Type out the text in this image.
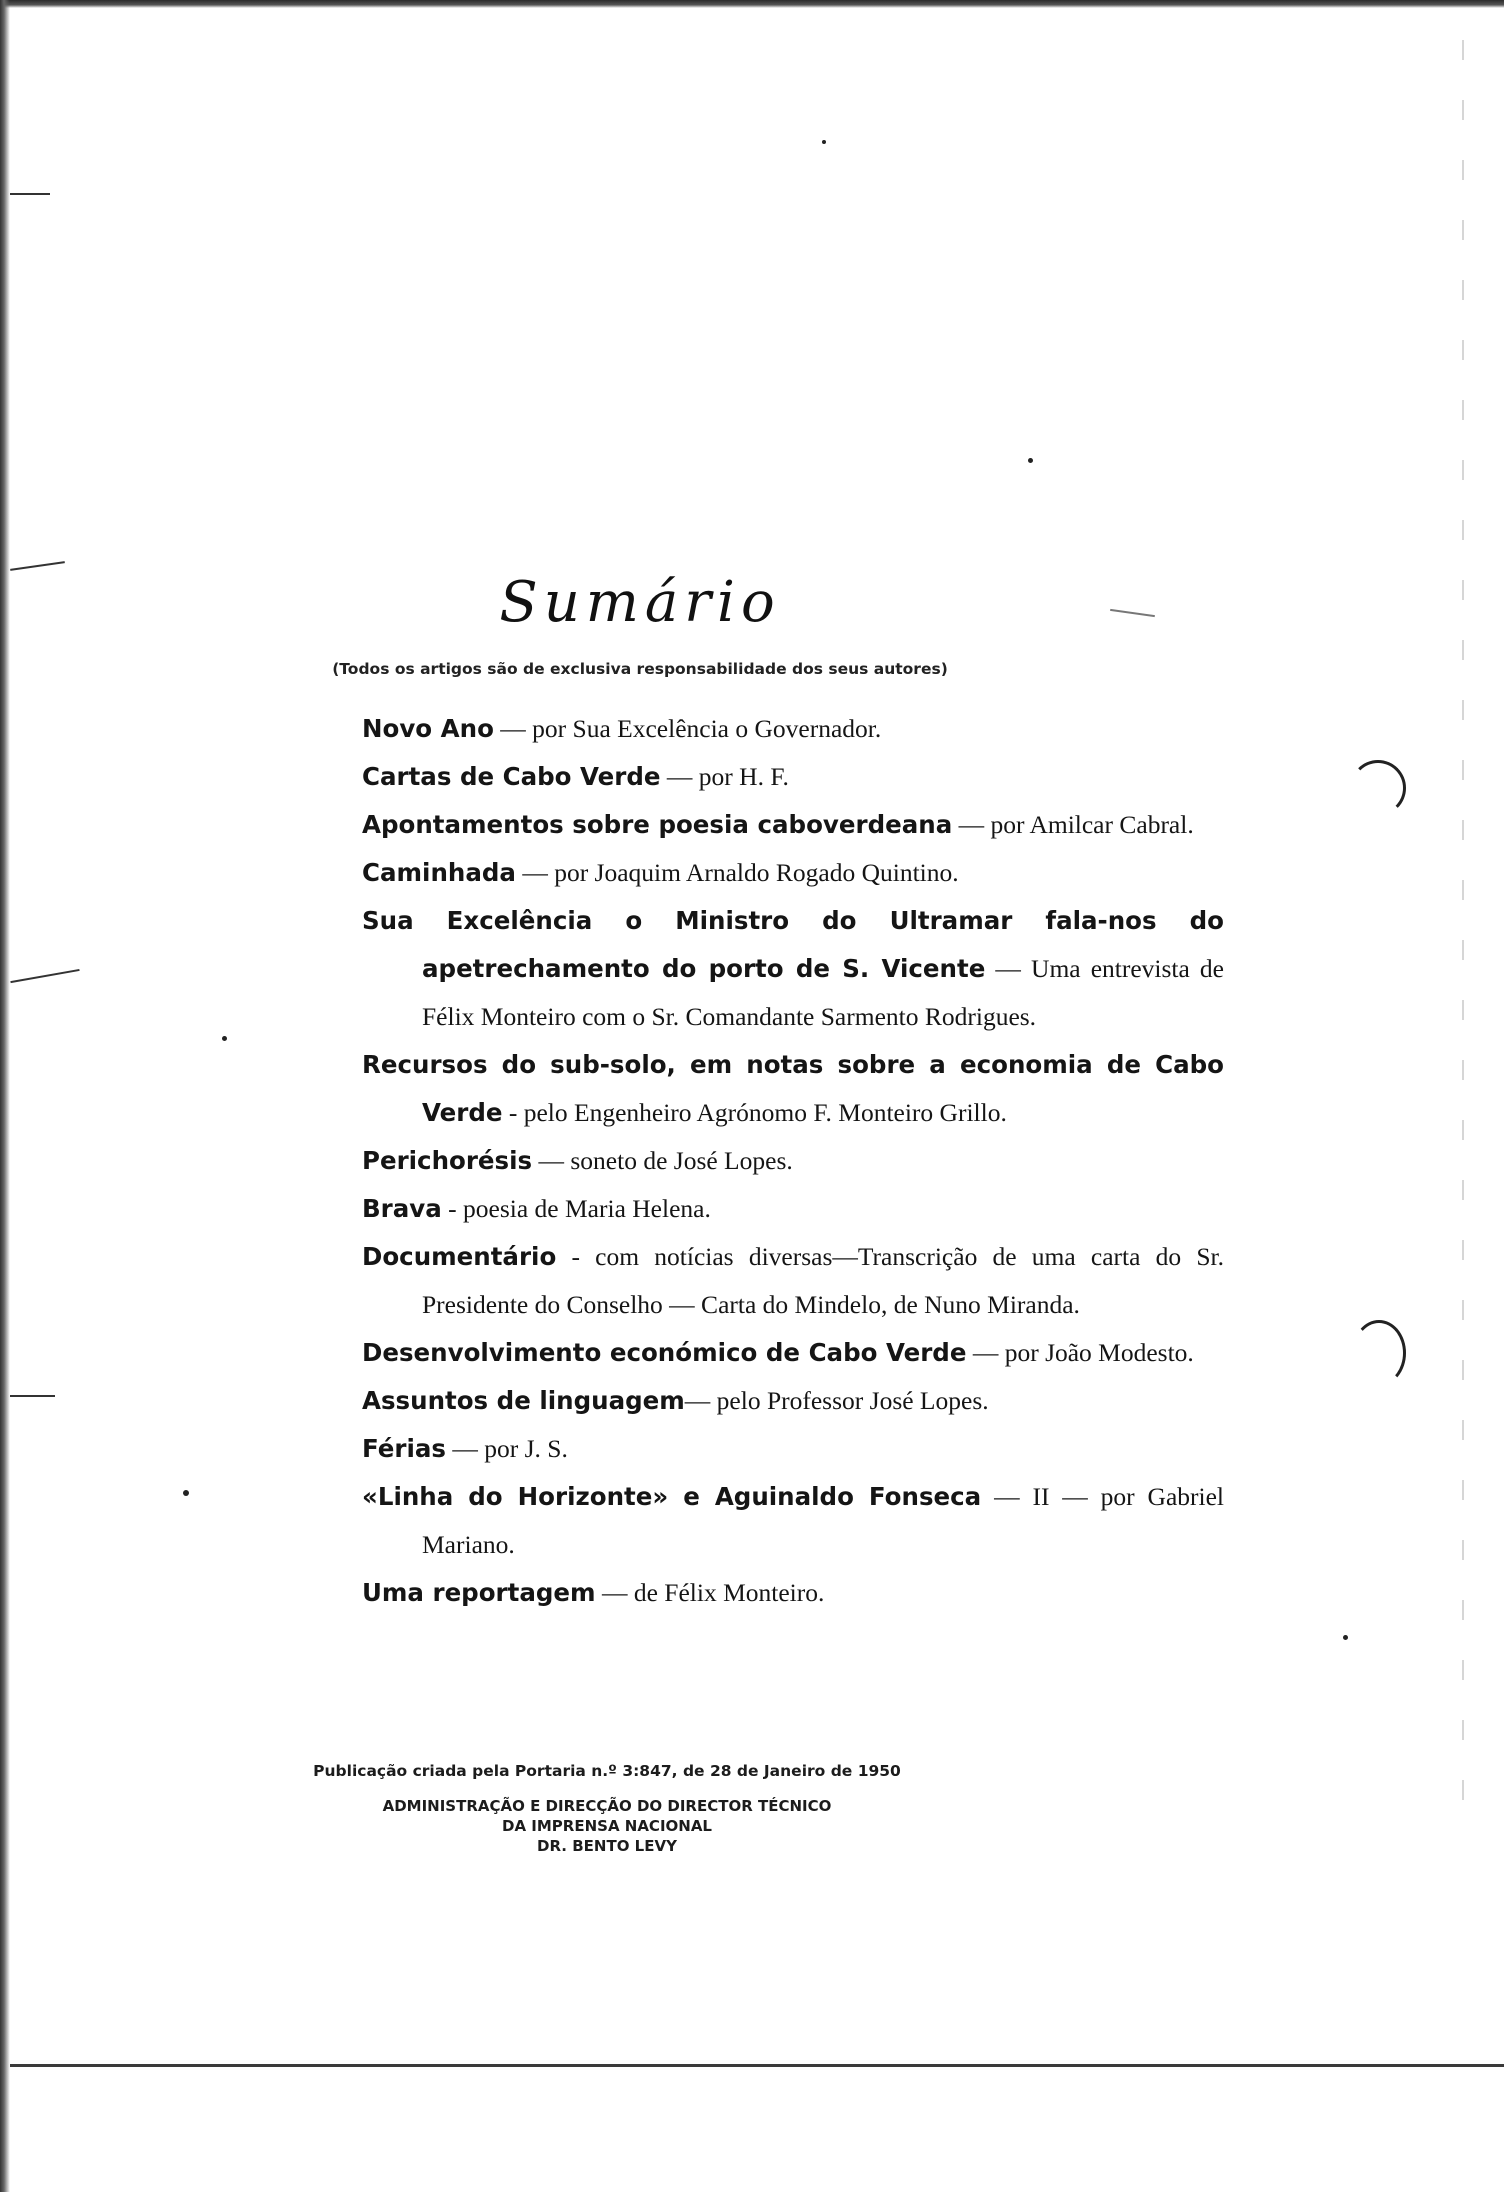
Sumário
(Todos os artigos são de exclusiva responsabilidade dos seus autores)

Novo Ano — por Sua Excelência o Governador.

Cartas de Cabo Verde — por H. F.

Apontamentos sobre poesia caboverdeana — por Amilcar Cabral.

Caminhada — por Joaquim Arnaldo Rogado Quintino.

Sua Excelência o Ministro do Ultramar fala-nos do apetrechamento do porto de S. Vicente — Uma entrevista de Félix Monteiro com o Sr. Comandante Sarmento Rodrigues.

Recursos do sub-solo, em notas sobre a economia de Cabo Verde - pelo Engenheiro Agrónomo F. Monteiro Grillo.

Perichorésis — soneto de José Lopes.

Brava - poesia de Maria Helena.

Documentário - com notícias diversas—Transcrição de uma carta do Sr. Presidente do Conselho — Carta do Mindelo, de Nuno Miranda.

Desenvolvimento económico de Cabo Verde — por João Modesto.

Assuntos de linguagem— pelo Professor José Lopes.

Férias — por J. S.

«Linha do Horizonte» e Aguinaldo Fonseca — II — por Gabriel Mariano.

Uma reportagem — de Félix Monteiro.

Publicação criada pela Portaria n.º 3:847, de 28 de Janeiro de 1950
ADMINISTRAÇÃO E DIRECÇÃO DO DIRECTOR TÉCNICO
DA IMPRENSA NACIONAL
DR. BENTO LEVY
